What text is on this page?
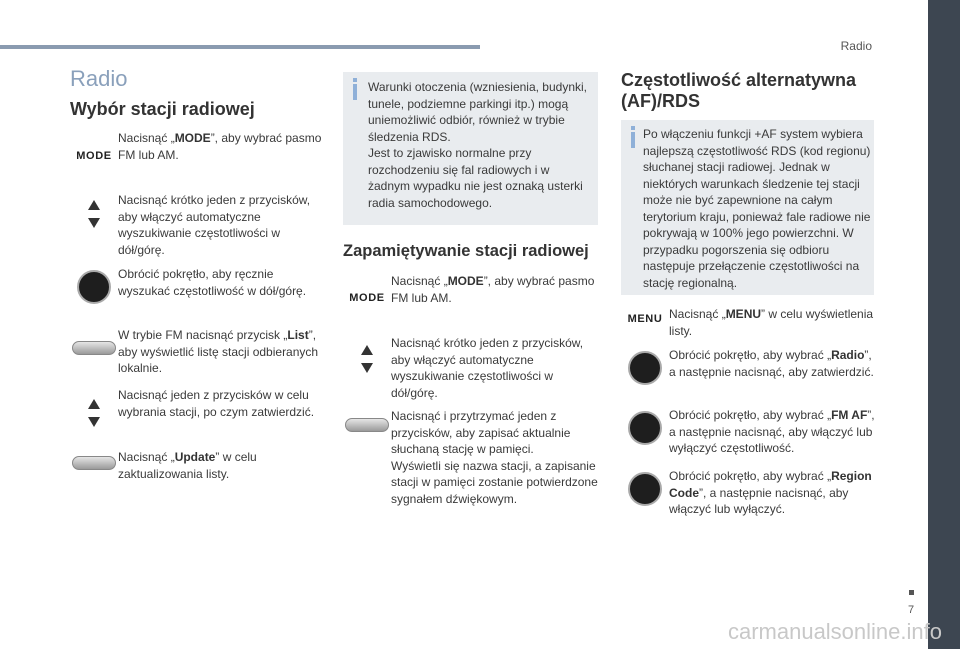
Radio
7
Radio
Wybór stacji radiowej
MODE
Nacisnąć „MODE”, aby wybrać pasmo FM lub AM.
Nacisnąć krótko jeden z przycisków, aby włączyć automatyczne wyszukiwanie częstotliwości w dół/górę.
Obrócić pokrętło, aby ręcznie wyszukać częstotliwość w dół/górę.
W trybie FM nacisnąć przycisk „List”, aby wyświetlić listę stacji odbieranych lokalnie.
Nacisnąć jeden z przycisków w celu wybrania stacji, po czym zatwierdzić.
Nacisnąć „Update” w celu zaktualizowania listy.
Warunki otoczenia (wzniesienia, budynki, tunele, podziemne parkingi itp.) mogą uniemożliwić odbiór, również w trybie śledzenia RDS.
Jest to zjawisko normalne przy rozchodzeniu się fal radiowych i w żadnym wypadku nie jest oznaką usterki radia samochodowego.
Zapamiętywanie stacji radiowej
MODE
Nacisnąć „MODE”, aby wybrać pasmo FM lub AM.
Nacisnąć krótko jeden z przycisków, aby włączyć automatyczne wyszukiwanie częstotliwości w dół/górę.
Nacisnąć i przytrzymać jeden z przycisków, aby zapisać aktualnie słuchaną stację w pamięci.
Wyświetli się nazwa stacji, a zapisanie stacji w pamięci zostanie potwierdzone sygnałem dźwiękowym.
Częstotliwość alternatywna (AF)/RDS
Po włączeniu funkcji +AF system wybiera najlepszą częstotliwość RDS (kod regionu) słuchanej stacji radiowej. Jednak w niektórych warunkach śledzenie tej stacji może nie być zapewnione na całym terytorium kraju, ponieważ fale radiowe nie pokrywają w 100% jego powierzchni. W przypadku pogorszenia się odbioru następuje przełączenie częstotliwości na stację regionalną.
MENU Nacisnąć „MENU” w celu wyświetlenia listy.
Obrócić pokrętło, aby wybrać „Radio”, a następnie nacisnąć, aby zatwierdzić.
Obrócić pokrętło, aby wybrać „FM AF”, a następnie nacisnąć, aby włączyć lub wyłączyć częstotliwość.
Obrócić pokrętło, aby wybrać „Region Code”, a następnie nacisnąć, aby włączyć lub wyłączyć.
carmanualsonline.info
